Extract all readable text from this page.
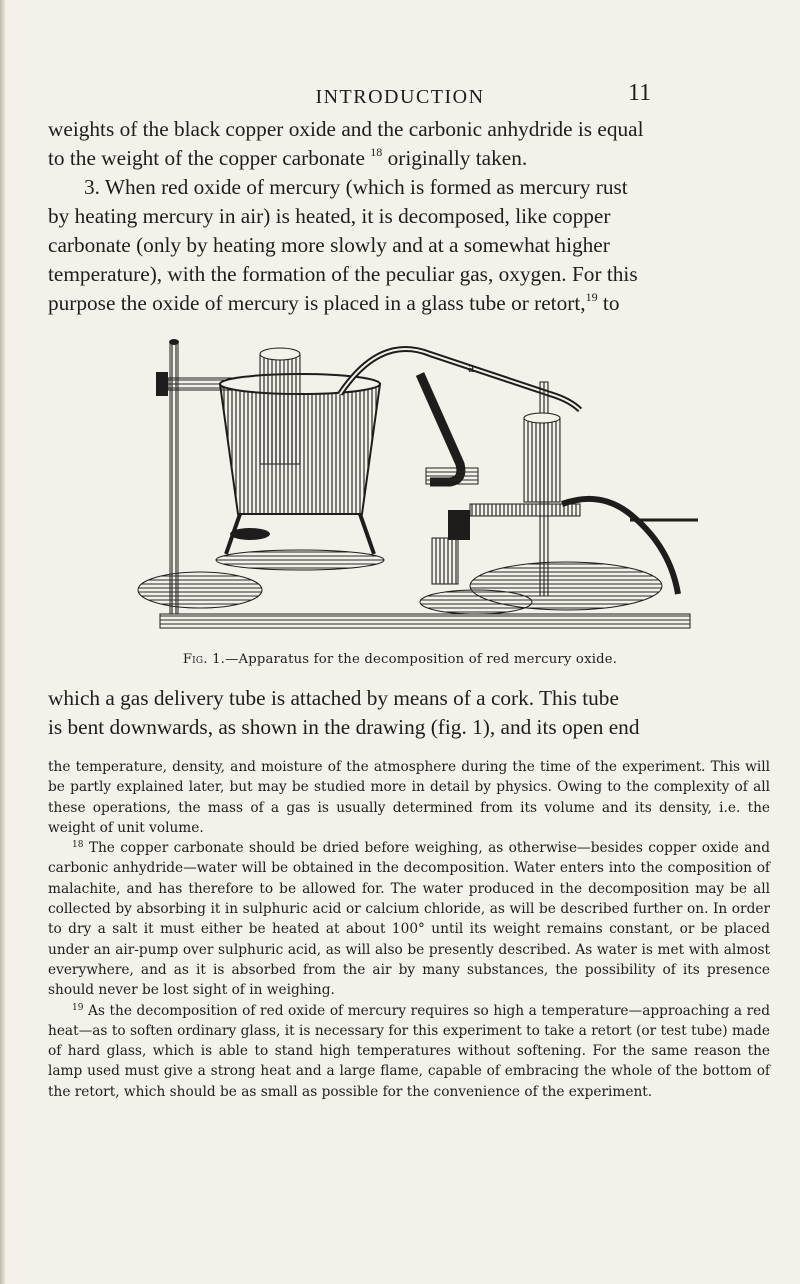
INTRODUCTION	11
weights of the black copper oxide and the carbonic anhydride is equal
to the weight of the copper carbonate $^{18}$ originally taken.
3. When red oxide of mercury (which is formed as mercury rust
by heating mercury in air) is heated, it is decomposed, like copper
carbonate (only by heating more slowly and at a somewhat higher
temperature), with the formation of the peculiar gas, oxygen. For this
purpose the oxide of mercury is placed in a glass tube or retort,$^{19}$ to
a
Fig. 1.—Apparatus for the decomposition of red mercury oxide.
which a gas delivery tube is attached by means of a cork. This tube
is bent downwards, as shown in the drawing (fig. 1), and its open end

the temperature, density, and moisture of the atmosphere during the time of the experiment. This will be partly explained later, but may be studied more in detail by physics. Owing to the complexity of all these operations, the mass of a gas is usually determined from its volume and its density, i.e. the weight of unit volume.

$^{18}$ The copper carbonate should be dried before weighing, as otherwise—besides copper oxide and carbonic anhydride—water will be obtained in the decomposition. Water enters into the composition of malachite, and has therefore to be allowed for. The water produced in the decomposition may be all collected by absorbing it in sulphuric acid or calcium chloride, as will be described further on. In order to dry a salt it must either be heated at about 100° until its weight remains constant, or be placed under an air-pump over sulphuric acid, as will also be presently described. As water is met with almost everywhere, and as it is absorbed from the air by many substances, the possibility of its presence should never be lost sight of in weighing.

$^{19}$ As the decomposition of red oxide of mercury requires so high a temperature—approaching a red heat—as to soften ordinary glass, it is necessary for this experiment to take a retort (or test tube) made of hard glass, which is able to stand high temperatures without softening. For the same reason the lamp used must give a strong heat and a large flame, capable of embracing the whole of the bottom of the retort, which should be as small as possible for the convenience of the experiment.
